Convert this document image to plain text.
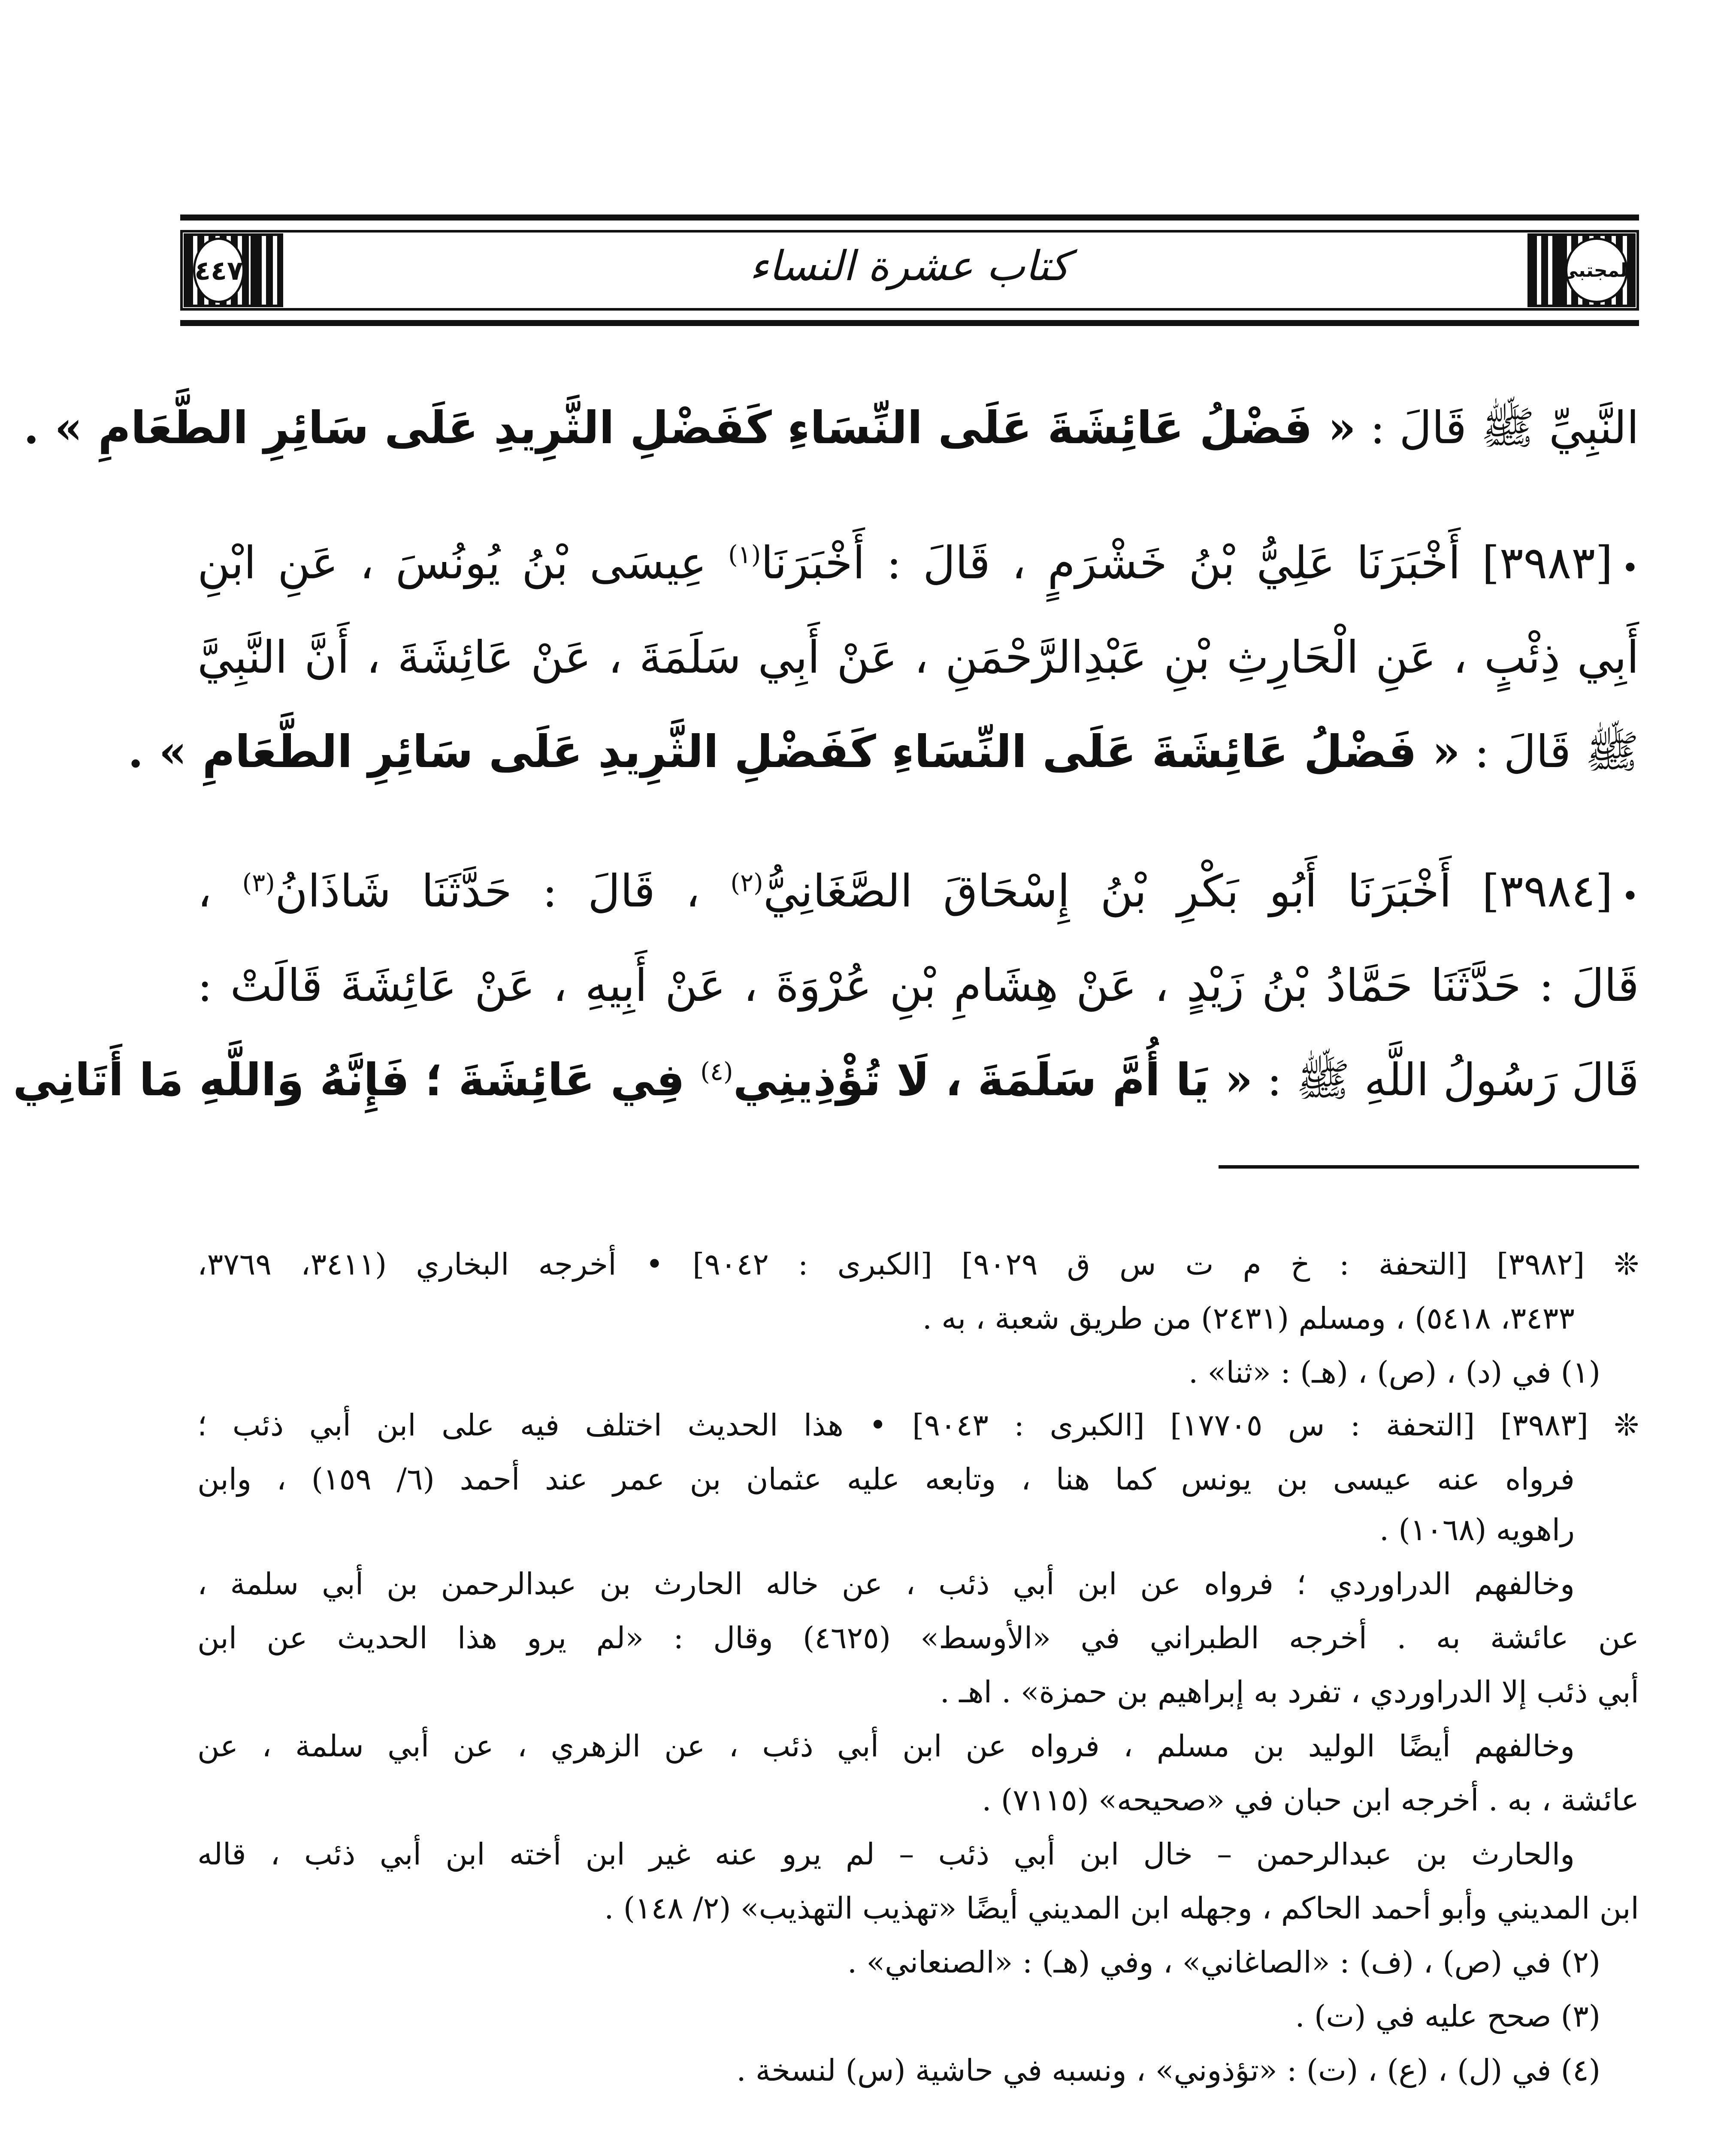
٤٤٧	المجتبى
كتاب عشرة النساء
النَّبِيِّ ﷺ قَالَ : « فَضْلُ عَائِشَةَ عَلَى النِّسَاءِ كَفَضْلِ الثَّرِيدِ عَلَى سَائِرِ الطَّعَامِ » .
•[٣٩٨٣] أَخْبَرَنَا عَلِيُّ بْنُ خَشْرَمٍ ، قَالَ : أَخْبَرَنَا$^{(١)}$ عِيسَى بْنُ يُونُسَ ، عَنِ ابْنِ
أَبِي ذِئْبٍ ، عَنِ الْحَارِثِ بْنِ عَبْدِالرَّحْمَنِ ، عَنْ أَبِي سَلَمَةَ ، عَنْ عَائِشَةَ ، أَنَّ النَّبِيَّ
ﷺ قَالَ : « فَضْلُ عَائِشَةَ عَلَى النِّسَاءِ كَفَضْلِ الثَّرِيدِ عَلَى سَائِرِ الطَّعَامِ » .
•[٣٩٨٤] أَخْبَرَنَا أَبُو بَكْرِ بْنُ إِسْحَاقَ الصَّغَانِيُّ$^{(٢)}$ ، قَالَ : حَدَّثَنَا شَاذَانُ$^{(٣)}$ ،
قَالَ : حَدَّثَنَا حَمَّادُ بْنُ زَيْدٍ ، عَنْ هِشَامِ بْنِ عُرْوَةَ ، عَنْ أَبِيهِ ، عَنْ عَائِشَةَ قَالَتْ :
قَالَ رَسُولُ اللَّهِ ﷺ : « يَا أُمَّ سَلَمَةَ ، لَا تُؤْذِينِي$^{(٤)}$ فِي عَائِشَةَ ؛ فَإِنَّهُ وَاللَّهِ مَا أَتَانِي
❊ [٣٩٨٢] [التحفة : خ م ت س ق ٩٠٢٩] [الكبرى : ٩٠٤٢] • أخرجه البخاري (٣٤١١، ٣٧٦٩،
٣٤٣٣، ٥٤١٨) ، ومسلم (٢٤٣١) من طريق شعبة ، به .
(١) في (د) ، (ص) ، (هـ) : «ثنا» .
❊ [٣٩٨٣] [التحفة : س ١٧٧٠٥] [الكبرى : ٩٠٤٣] • هذا الحديث اختلف فيه على ابن أبي ذئب ؛
فرواه عنه عيسى بن يونس كما هنا ، وتابعه عليه عثمان بن عمر عند أحمد (٦/ ١٥٩) ، وابن
راهويه (١٠٦٨) .
وخالفهم الدراوردي ؛ فرواه عن ابن أبي ذئب ، عن خاله الحارث بن عبدالرحمن بن أبي سلمة ،
عن عائشة به . أخرجه الطبراني في «الأوسط» (٤٦٢٥) وقال : «لم يرو هذا الحديث عن ابن
أبي ذئب إلا الدراوردي ، تفرد به إبراهيم بن حمزة» . اهـ .
وخالفهم أيضًا الوليد بن مسلم ، فرواه عن ابن أبي ذئب ، عن الزهري ، عن أبي سلمة ، عن
عائشة ، به . أخرجه ابن حبان في «صحيحه» (٧١١٥) .
والحارث بن عبدالرحمن – خال ابن أبي ذئب – لم يرو عنه غير ابن أخته ابن أبي ذئب ، قاله
ابن المديني وأبو أحمد الحاكم ، وجهله ابن المديني أيضًا «تهذيب التهذيب» (٢/ ١٤٨) .
(٢) في (ص) ، (ف) : «الصاغاني» ، وفي (هـ) : «الصنعاني» .
(٣) صحح عليه في (ت) .
(٤) في (ل) ، (ع) ، (ت) : «تؤذوني» ، ونسبه في حاشية (س) لنسخة .
